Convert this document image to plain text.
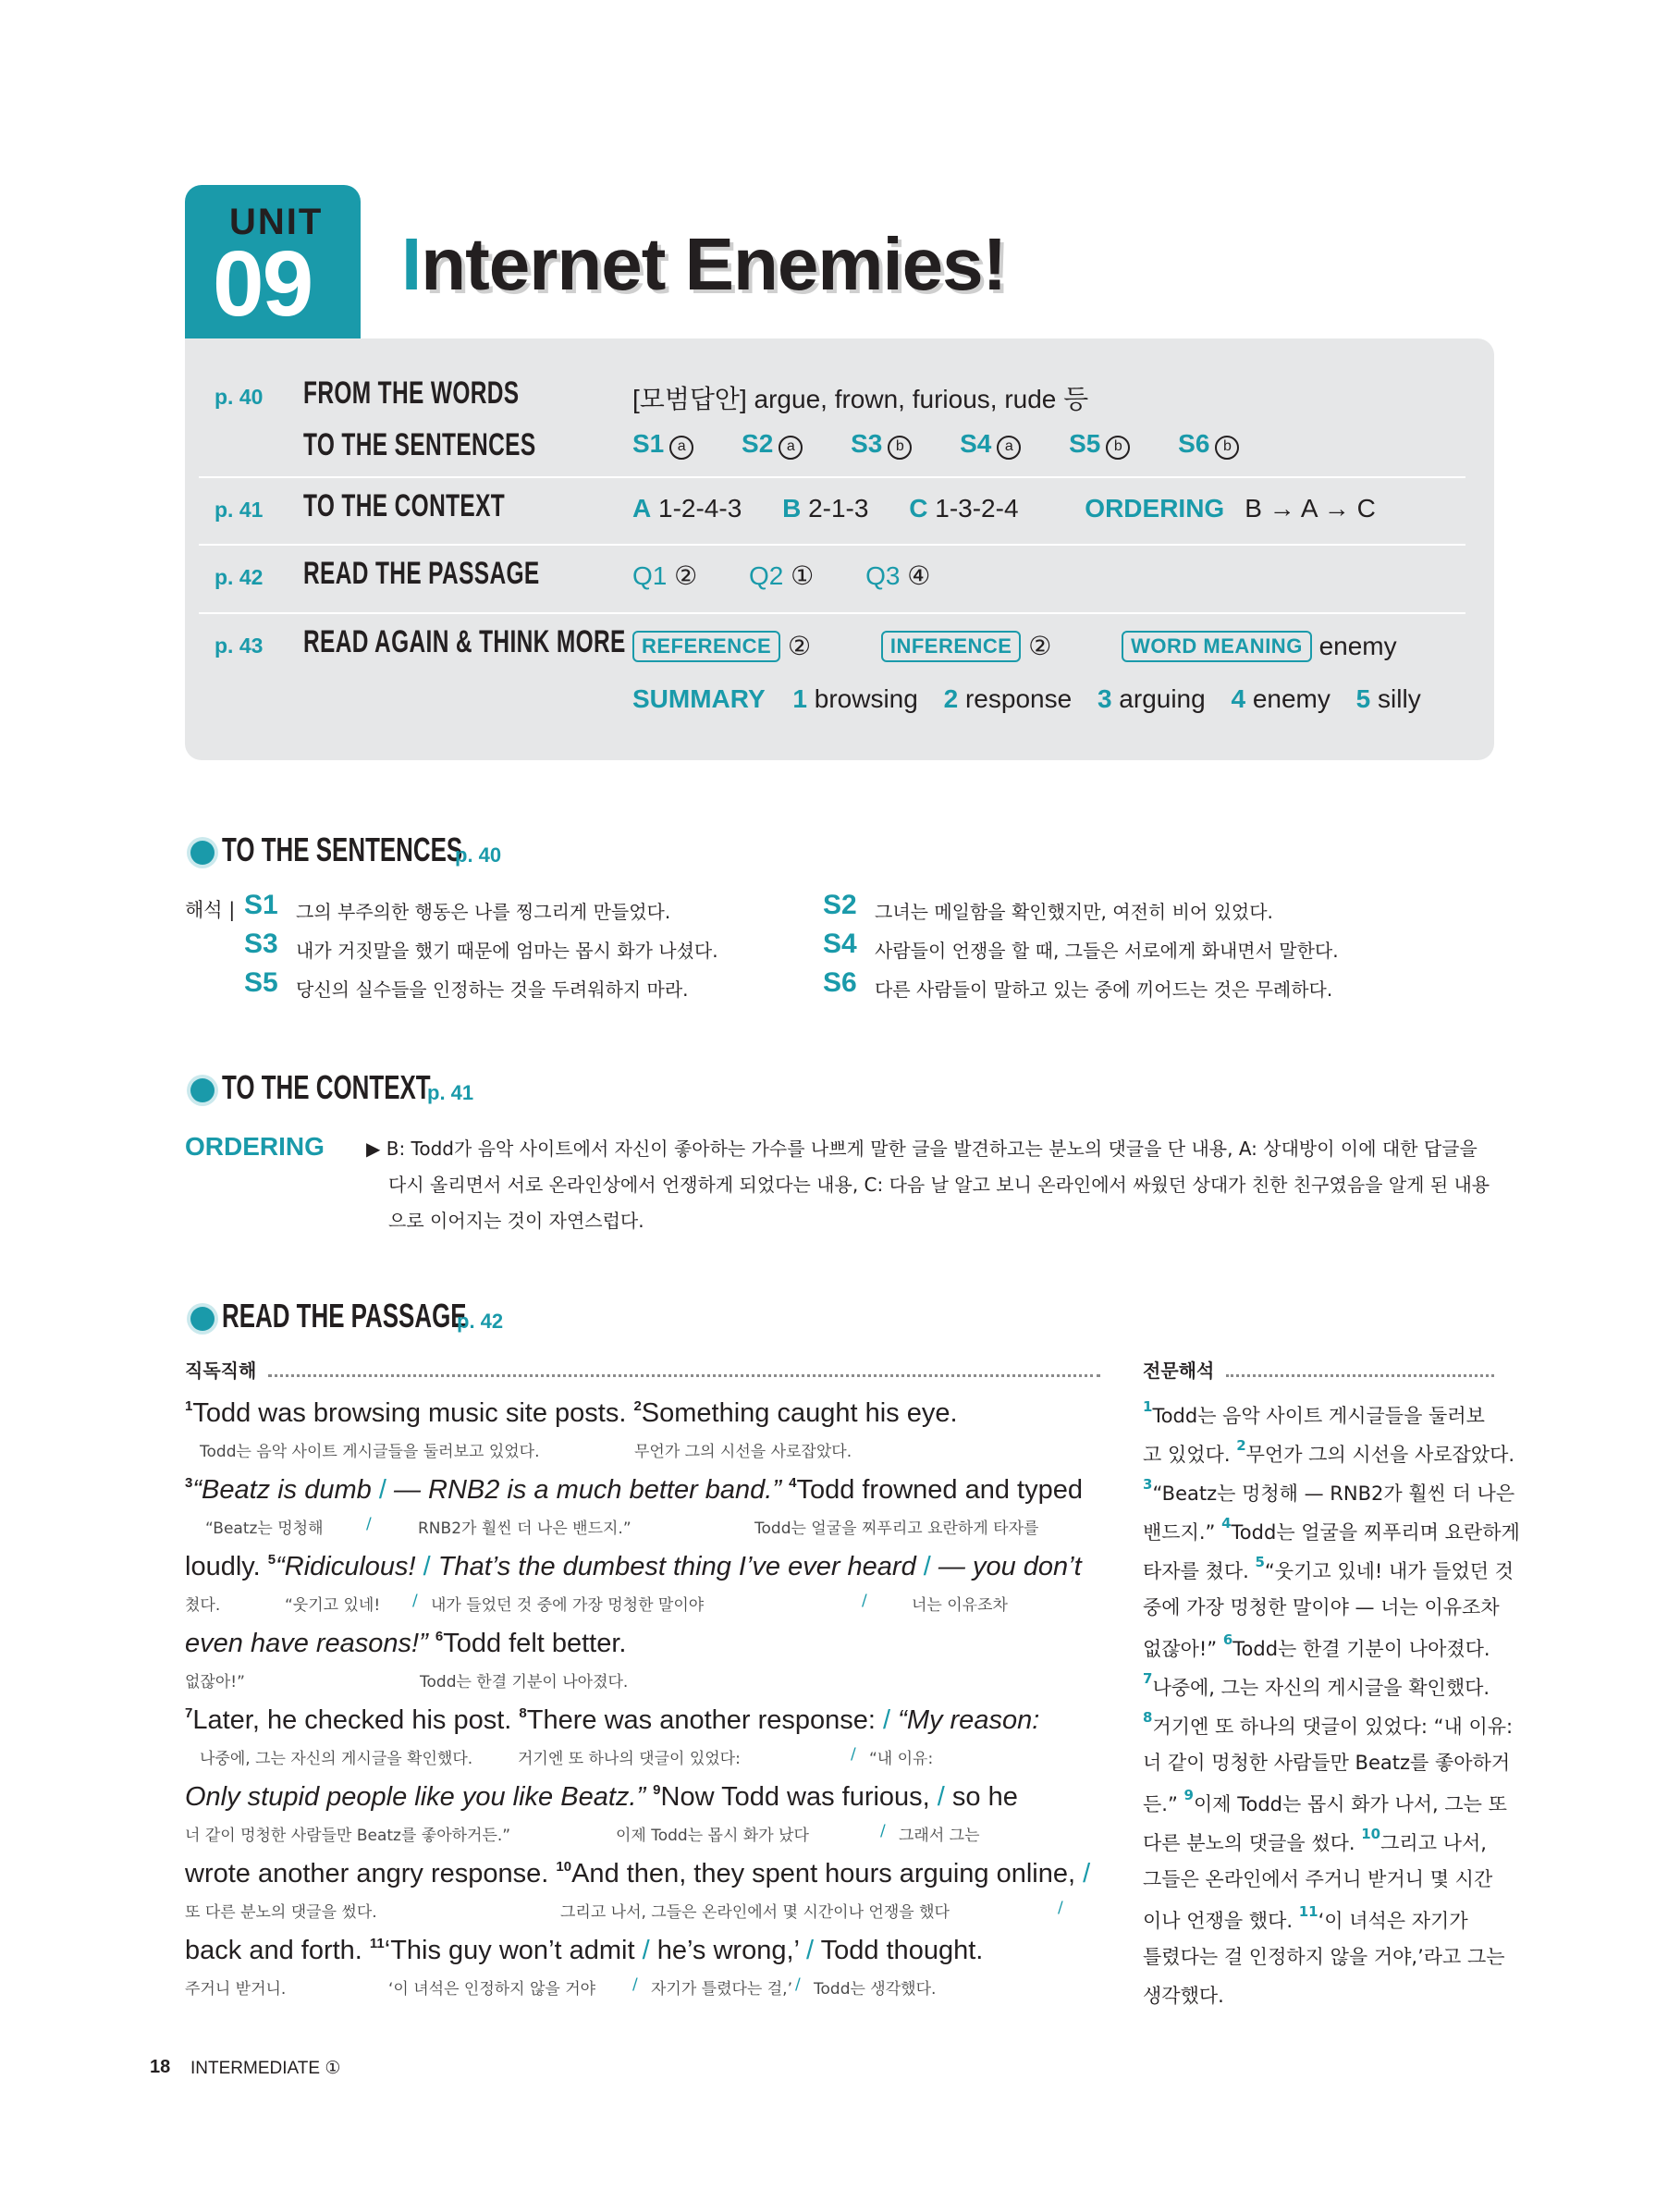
UNIT
09 Internet Enemies!
p. 40 FROM THE WORDS
TO THE SENTENCES
[모범답안] argue, frown, furious, rude 등
S1 a S2 a S3 b S4 a S5 b S6 b
p. 41 TO THE CONTEXT	A 1-2-4-3 B 2-1-3 C 1-3-2-4	ORDERING B → A → C
p. 42 READ THE PASSAGE	Q1 ② Q2 ① Q3 ④
p. 43 READ AGAIN & THINK MORE REFERENCE ②	INFERENCE ②	WORD MEANING enemy
SUMMARY 1 browsing 2 response 3 arguing 4 enemy 5 silly
TO THE SENTENCES
p. 40
해석 | S1 그의 부주의한 행동은 나를 찡그리게 만들었다.	S2 그녀는 메일함을 확인했지만, 여전히 비어 있었다.
S3 내가 거짓말을 했기 때문에 엄마는 몹시 화가 나셨다.	S4 사람들이 언쟁을 할 때, 그들은 서로에게 화내면서 말한다.
S5 당신의 실수들을 인정하는 것을 두려워하지 마라.	S6 다른 사람들이 말하고 있는 중에 끼어드는 것은 무례하다.
TO THE CONTEXT
p. 41
ORDERING ▶ B: Todd가 음악 사이트에서 자신이 좋아하는 가수를 나쁘게 말한 글을 발견하고는 분노의 댓글을 단 내용, A: 상대방이 이에 대한 답글을
다시 올리면서 서로 온라인상에서 언쟁하게 되었다는 내용, C: 다음 날 알고 보니 온라인에서 싸웠던 상대가 친한 친구였음을 알게 된 내용
으로 이어지는 것이 자연스럽다.
READ THE PASSAGE
p. 42
직독직해	전문해석
$^1$Todd was browsing music site posts. $^2$Something caught his eye.
Todd는 음악 사이트 게시글들을 둘러보고 있었다.	무언가 그의 시선을 사로잡았다.
$^3$“Beatz is dumb / — RNB2 is a much better band.” $^4$Todd frowned and typed
“Beatz는 멍청해	/	RNB2가 훨씬 더 나은 밴드지.”	Todd는 얼굴을 찌푸리고 요란하게 타자를
loudly. $^5$“Ridiculous! / That’s the dumbest thing I’ve ever heard / — you don’t
쳤다.	“웃기고 있네! / 내가 들었던 것 중에 가장 멍청한 말이야	/	너는 이유조차
even have reasons!” $^6$Todd felt better.
없잖아!”	Todd는 한결 기분이 나아졌다.
$^7$Later, he checked his post. $^8$There was another response: / “My reason:
나중에, 그는 자신의 게시글을 확인했다.	거기엔 또 하나의 댓글이 있었다:	/ “내 이유:
Only stupid people like you like Beatz.” $^9$Now Todd was furious, / so he
너 같이 멍청한 사람들만 Beatz를 좋아하거든.”	이제 Todd는 몹시 화가 났다	/ 그래서 그는
wrote another angry response. $^{10}$And then, they spent hours arguing online, /
또 다른 분노의 댓글을 썼다.	그리고 나서, 그들은 온라인에서 몇 시간이나 언쟁을 했다	/
back and forth. $^{11}$‘This guy won’t admit / he’s wrong,’ / Todd thought.
주거니 받거니.	‘이 녀석은 인정하지 않을 거야 / 자기가 틀렸다는 걸,’ / Todd는 생각했다.
$^1$Todd는 음악 사이트 게시글들을 둘러보
고 있었다. $^2$무언가 그의 시선을 사로잡았다.
$^3$“Beatz는 멍청해 — RNB2가 훨씬 더 나은
밴드지.” $^4$Todd는 얼굴을 찌푸리며 요란하게
타자를 쳤다. $^5$“웃기고 있네! 내가 들었던 것
중에 가장 멍청한 말이야 — 너는 이유조차
없잖아!” $^6$Todd는 한결 기분이 나아졌다.
$^7$나중에, 그는 자신의 게시글을 확인했다.
$^8$거기엔 또 하나의 댓글이 있었다: “내 이유:
너 같이 멍청한 사람들만 Beatz를 좋아하거
든.” $^9$이제 Todd는 몹시 화가 나서, 그는 또
다른 분노의 댓글을 썼다. $^{10}$그리고 나서,
그들은 온라인에서 주거니 받거니 몇 시간
이나 언쟁을 했다. $^{11}$‘이 녀석은 자기가
틀렸다는 걸 인정하지 않을 거야,’라고 그는
생각했다.
18 INTERMEDIATE ①
